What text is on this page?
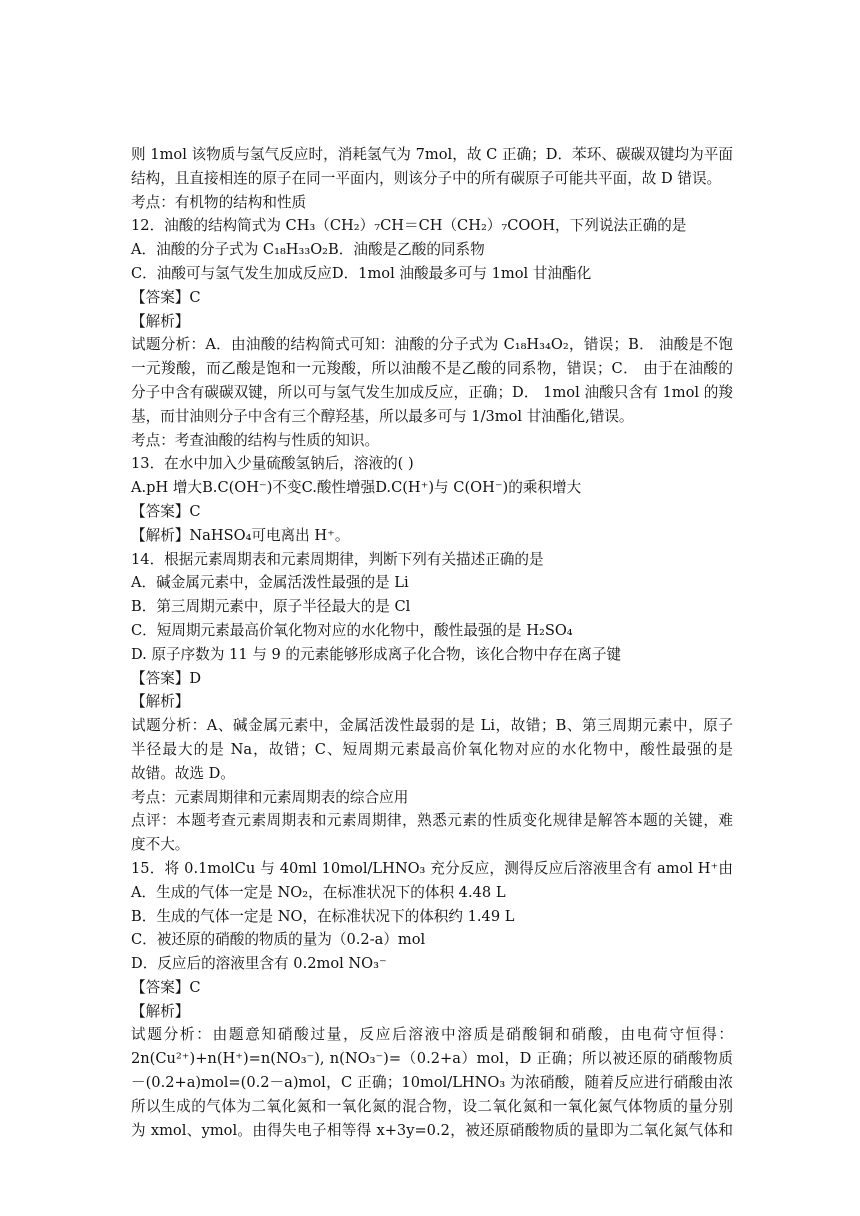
则 1mol 该物质与氢气反应时，消耗氢气为 7mol，故 C 正确；D．苯环、碳碳双键均为平面
结构，且直接相连的原子在同一平面内，则该分子中的所有碳原子可能共平面，故 D 错误。
考点：有机物的结构和性质
12．油酸的结构简式为 CH₃（CH₂）₇CH＝CH（CH₂）₇COOH，下列说法正确的是
A．油酸的分子式为 C₁₈H₃₃O₂B．油酸是乙酸的同系物
C．油酸可与氢气发生加成反应D．1mol 油酸最多可与 1mol 甘油酯化
【答案】C
【解析】
试题分析：A．由油酸的结构简式可知：油酸的分子式为 C₁₈H₃₄O₂，错误；B． 油酸是不饱
一元羧酸，而乙酸是饱和一元羧酸，所以油酸不是乙酸的同系物，错误；C． 由于在油酸的
分子中含有碳碳双键，所以可与氢气发生加成反应，正确；D． 1mol 油酸只含有 1mol 的羧
基，而甘油则分子中含有三个醇羟基，所以最多可与 1/3mol 甘油酯化,错误。
考点：考查油酸的结构与性质的知识。
13．在水中加入少量硫酸氢钠后，溶液的( )
A.pH 增大B.C(OH⁻)不变C.酸性增强D.C(H⁺)与 C(OH⁻)的乘积增大
【答案】C
【解析】NaHSO₄可电离出 H⁺。
14．根据元素周期表和元素周期律，判断下列有关描述正确的是
A．碱金属元素中，金属活泼性最强的是 Li
B．第三周期元素中，原子半径最大的是 Cl
C．短周期元素最高价氧化物对应的水化物中，酸性最强的是 H₂SO₄
D. 原子序数为 11 与 9 的元素能够形成离子化合物，该化合物中存在离子键
【答案】D
【解析】
试题分析：A、碱金属元素中，金属活泼性最弱的是 Li，故错；B、第三周期元素中，原子
半径最大的是 Na，故错；C、短周期元素最高价氧化物对应的水化物中，酸性最强的是
故错。故选 D。
考点：元素周期律和元素周期表的综合应用
点评：本题考查元素周期表和元素周期律，熟悉元素的性质变化规律是解答本题的关键，难
度不大。
15．将 0.1molCu 与 40ml 10mol/LHNO₃ 充分反应，测得反应后溶液里含有 amol H⁺由
A．生成的气体一定是 NO₂，在标准状况下的体积 4.48 L
B．生成的气体一定是 NO，在标准状况下的体积约 1.49 L
C．被还原的硝酸的物质的量为（0.2-a）mol
D．反应后的溶液里含有 0.2mol NO₃⁻
【答案】C
【解析】
试题分析：由题意知硝酸过量，反应后溶液中溶质是硝酸铜和硝酸，由电荷守恒得：
2n(Cu²⁺)+n(H⁺)=n(NO₃⁻), n(NO₃⁻)=（0.2+a）mol，D 正确；所以被还原的硝酸物质
－(0.2+a)mol=(0.2－a)mol，C 正确；10mol/LHNO₃ 为浓硝酸，随着反应进行硝酸由浓
所以生成的气体为二氧化氮和一氧化氮的混合物，设二氧化氮和一氧化氮气体物质的量分别
为 xmol、ymol。由得失电子相等得 x+3y=0.2，被还原硝酸物质的量即为二氧化氮气体和
